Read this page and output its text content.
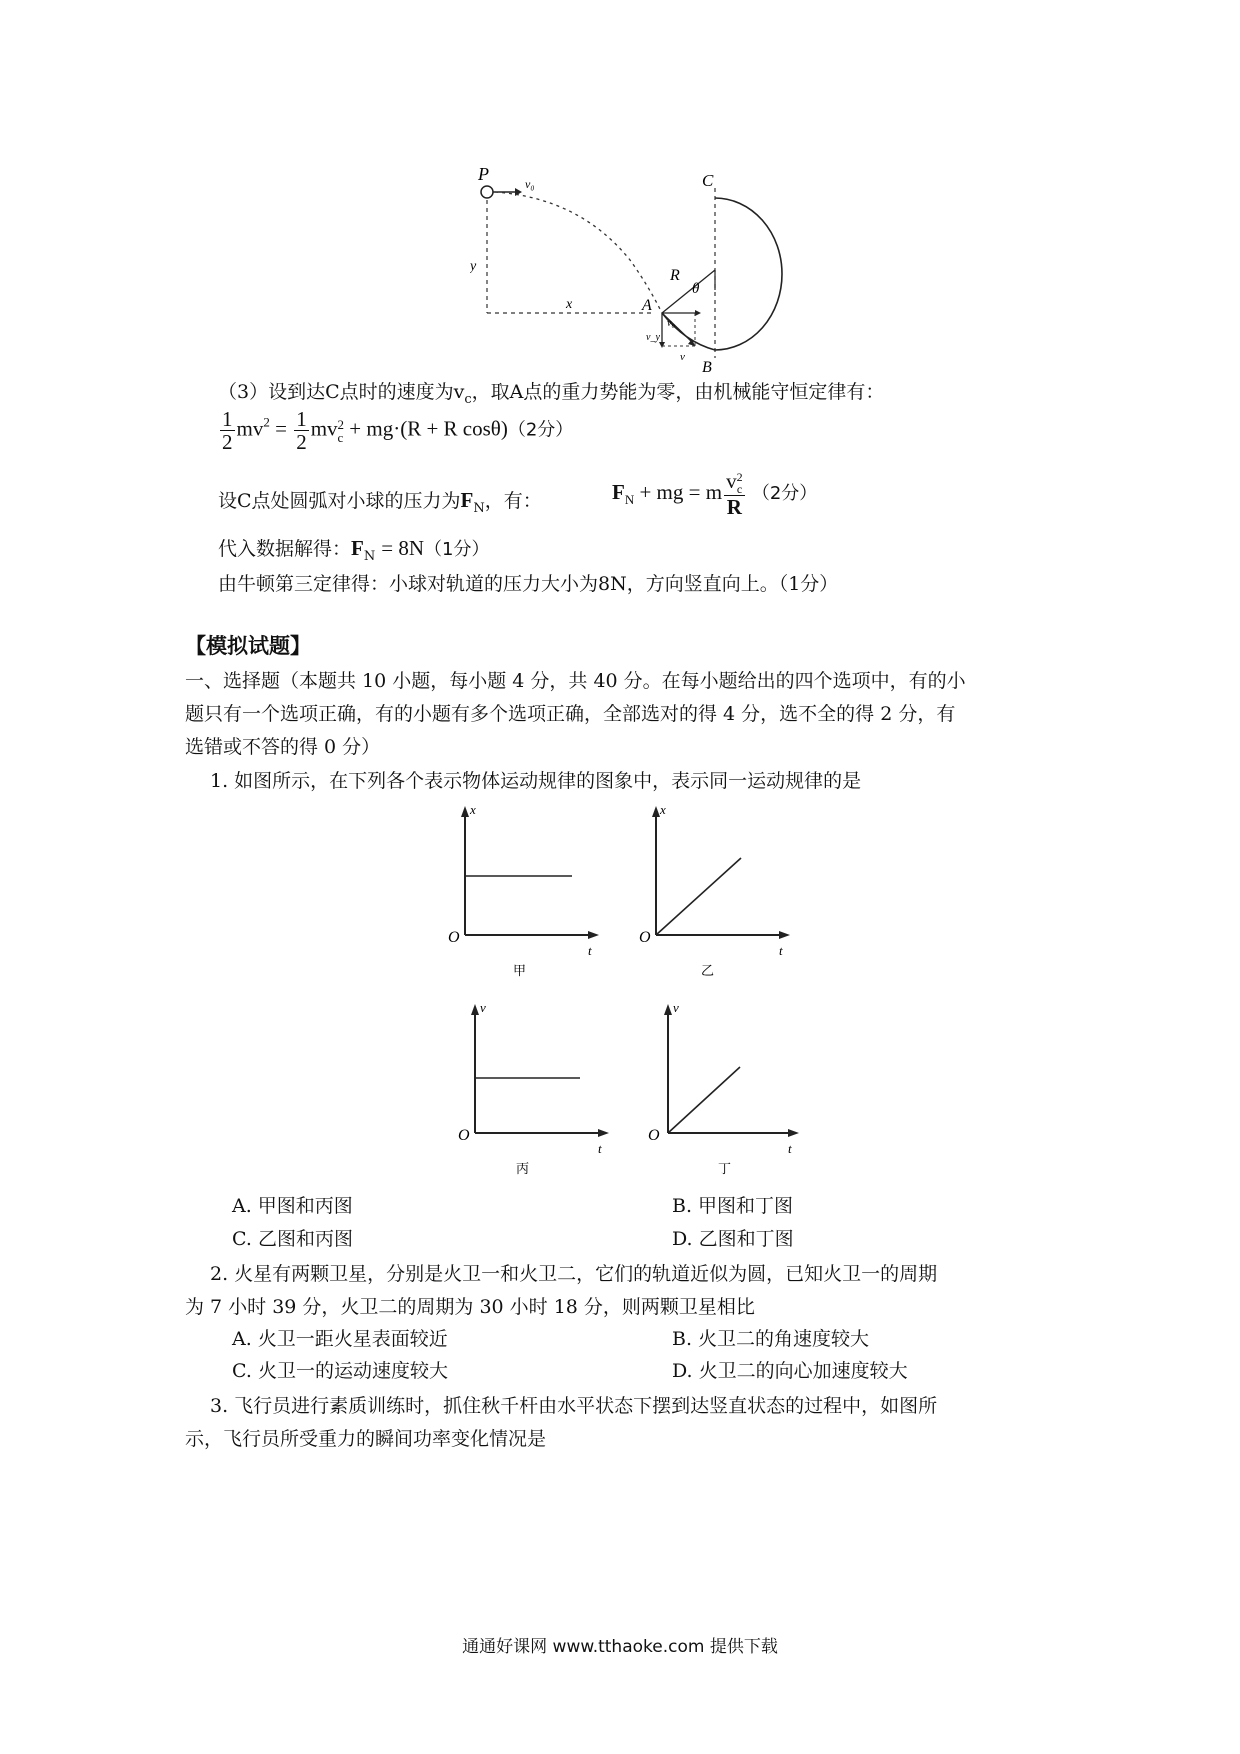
P	v₀	C
y
x	A
R
θ
B
v₀
v_y
v
（3）设到达C点时的速度为$v_c$，取A点的重力势能为零，由机械能守恒定律有：
$\frac{1}{2} mv^2 = \frac{1}{2}$ mv 2
c + mg·(R + R cosθ)（2分）
设C点处圆弧对小球的压力为$F_N$，有：	$F_N$ + mg = m v 2
c
R （2分）
代入数据解得：$F_N = 8N(1$分）
由牛顿第三定律得：小球对轨道的压力大小为8N，方向竖直向上。（1分）
【模拟试题】
一、选择题（本题共 10 小题，每小题 4 分，共 40 分。在每小题给出的四个选项中，有的小
题只有一个选项正确，有的小题有多个选项正确，全部选对的得 4 分，选不全的得 2 分，有
选错或不答的得 0 分）
1. 如图所示，在下列各个表示物体运动规律的图象中，表示同一运动规律的是
x
O
t
甲
x
O
t
乙
v
O
t
丙
v
O
t
丁
A. 甲图和丙图	B. 甲图和丁图
C. 乙图和丙图	D. 乙图和丁图
2. 火星有两颗卫星，分别是火卫一和火卫二，它们的轨道近似为圆，已知火卫一的周期
为 7 小时 39 分，火卫二的周期为 30 小时 18 分，则两颗卫星相比
A. 火卫一距火星表面较近	B. 火卫二的角速度较大
C. 火卫一的运动速度较大	D. 火卫二的向心加速度较大
3. 飞行员进行素质训练时，抓住秋千杆由水平状态下摆到达竖直状态的过程中，如图所
示，飞行员所受重力的瞬间功率变化情况是
通通好课网 www.tthaoke.com 提供下载
